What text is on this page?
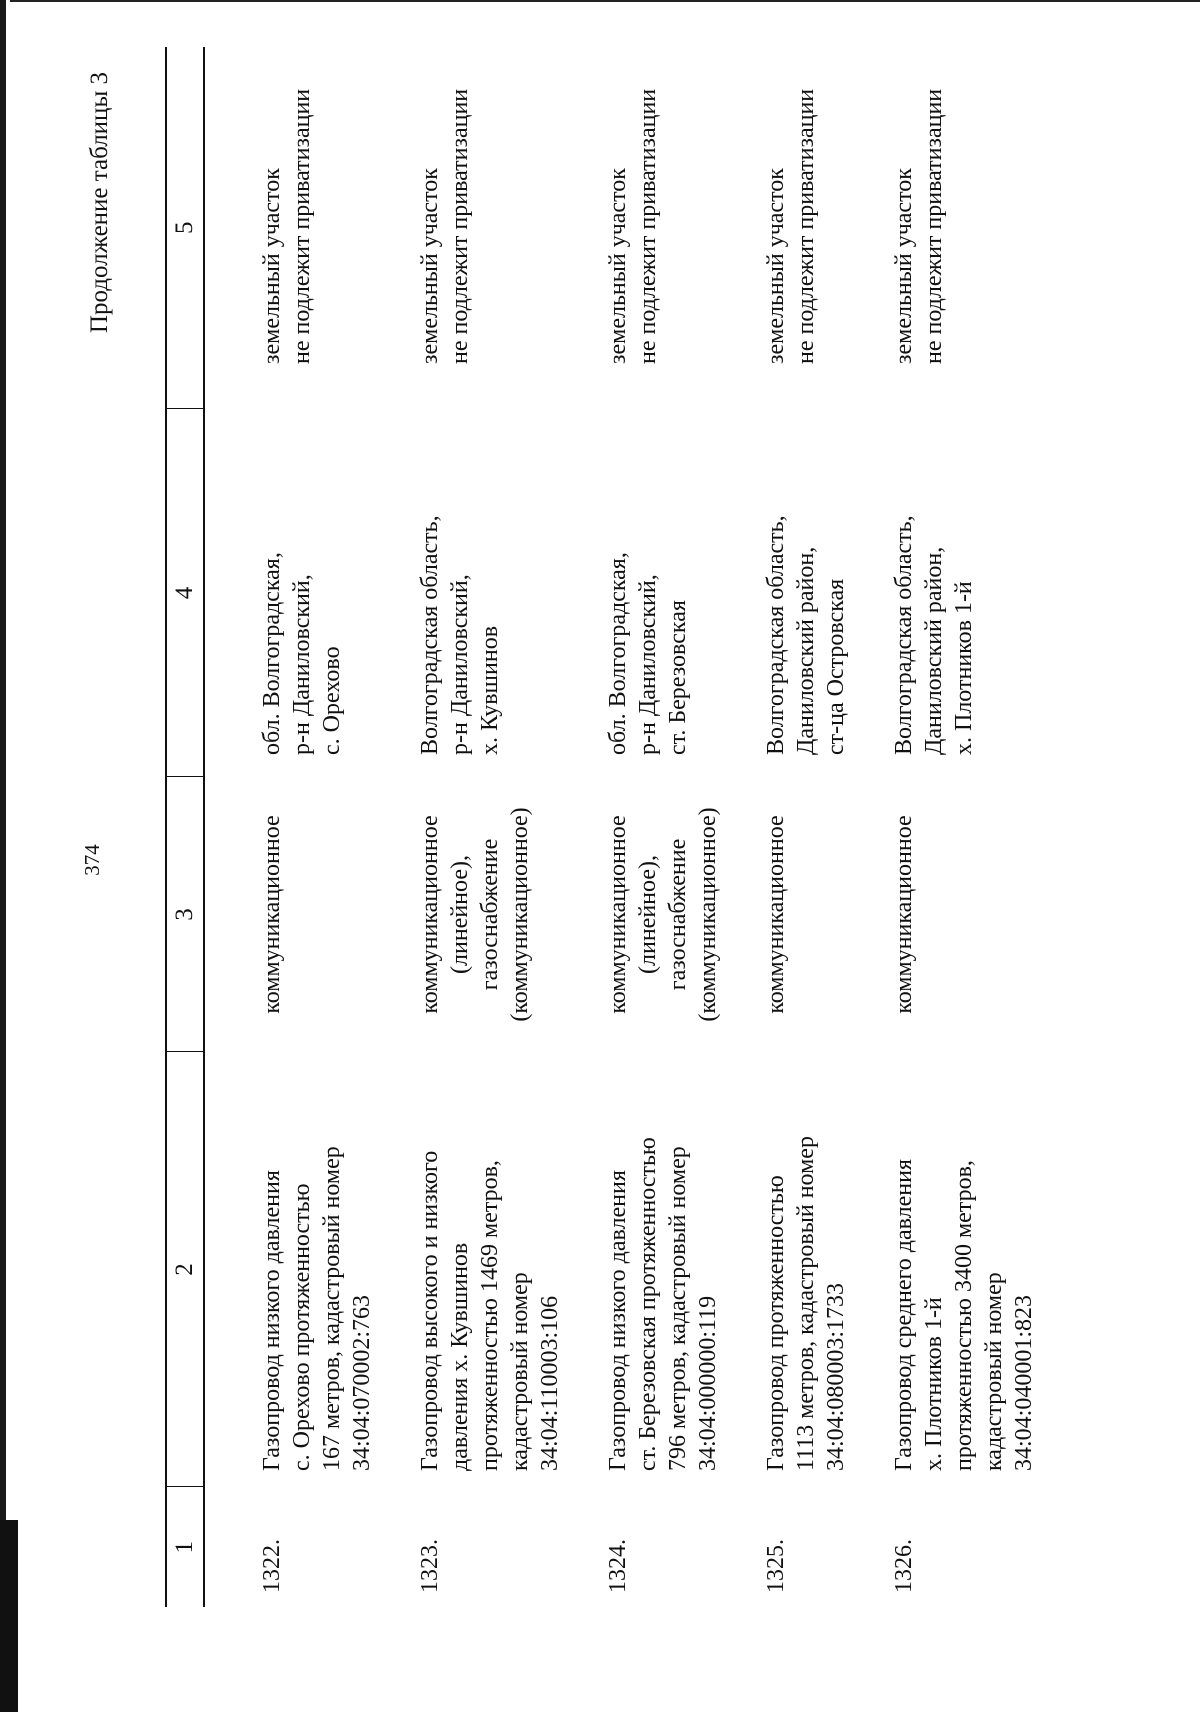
374
Продолжение таблицы 3
1	2	3	4	5
1322.	Газопровод низкого давления с. Орехово протяженностью 167 метров, кадастровый номер 34:04:070002:763	коммуникационное	обл. Волгоградская, р-н Даниловский, с. Орехово	земельный участок не подлежит приватизации

1323.	Газопровод высокого и низкого давления х. Кувшинов протяженностью 1469 метров, кадастровый номер 34:04:110003:106	коммуникационное (линейное), газоснабжение (коммуникационное)	Волгоградская область, р-н Даниловский, х. Кувшинов	земельный участок не подлежит приватизации

1324.	Газопровод низкого давления ст. Березовская протяженностью 796 метров, кадастровый номер 34:04:000000:119	коммуникационное (линейное), газоснабжение (коммуникационное)	обл. Волгоградская, р-н Даниловский, ст. Березовская	земельный участок не подлежит приватизации

1325.	Газопровод протяженностью 1113 метров, кадастровый номер 34:04:080003:1733	коммуникационное	Волгоградская область, Даниловский район, ст-ца Островская	земельный участок не подлежит приватизации

1326.	Газопровод среднего давления х. Плотников 1-й протяженностью 3400 метров, кадастровый номер 34:04:040001:823	коммуникационное	Волгоградская область, Даниловский район, х. Плотников 1-й	земельный участок не подлежит приватизации
